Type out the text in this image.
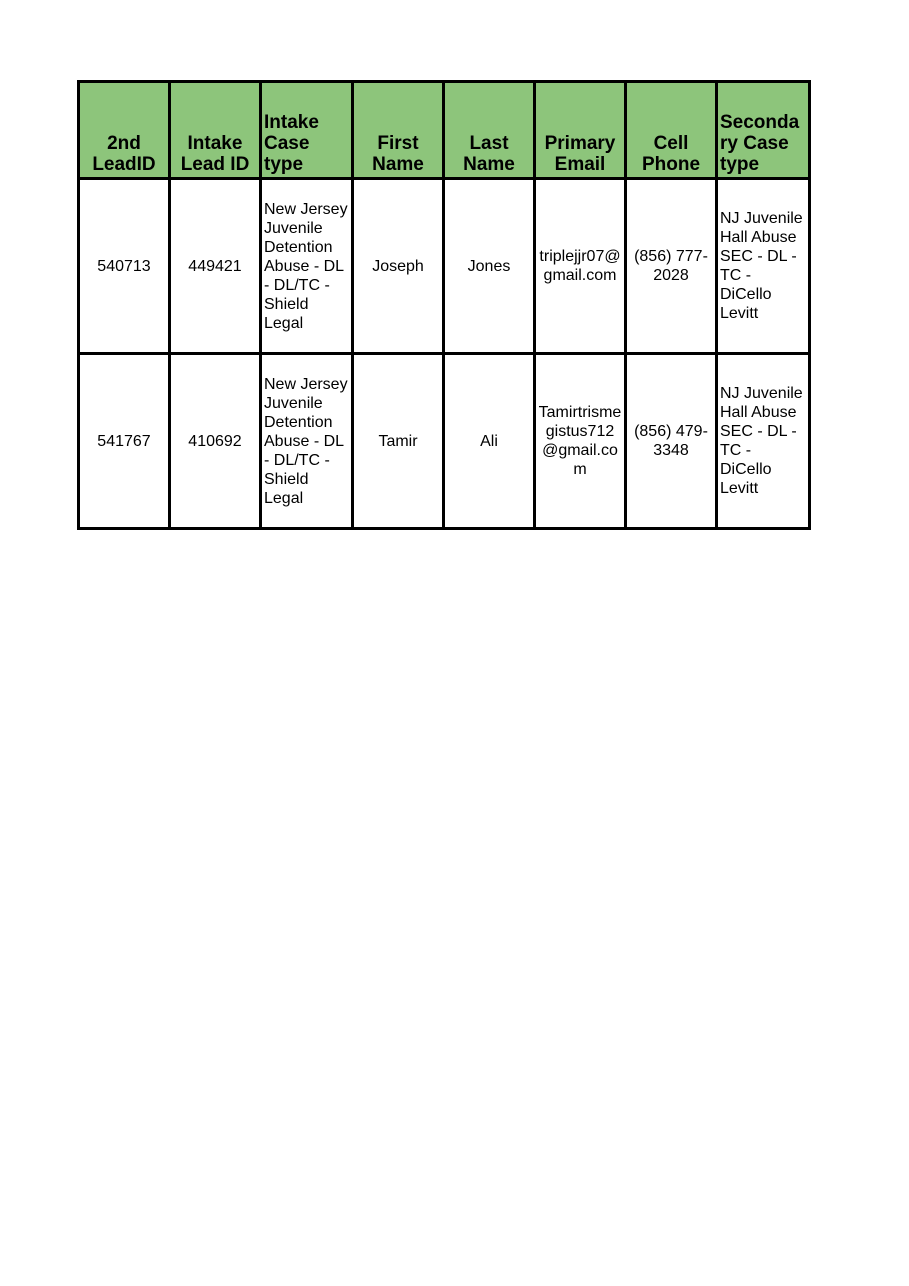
2nd LeadID	Intake Lead ID	Intake Case type	First Name	Last Name	Primary Email	Cell Phone	Secondary Case type
540713	449421	New Jersey Juvenile Detention Abuse - DL - DL/TC - Shield Legal	Joseph	Jones	triplejjr07@gmail.com	(856) 777-2028	NJ Juvenile Hall Abuse SEC - DL - TC - DiCello Levitt
541767	410692	New Jersey Juvenile Detention Abuse - DL - DL/TC - Shield Legal	Tamir	Ali	Tamirtrismegistus712@gmail.com	(856) 479-3348	NJ Juvenile Hall Abuse SEC - DL - TC - DiCello Levitt
